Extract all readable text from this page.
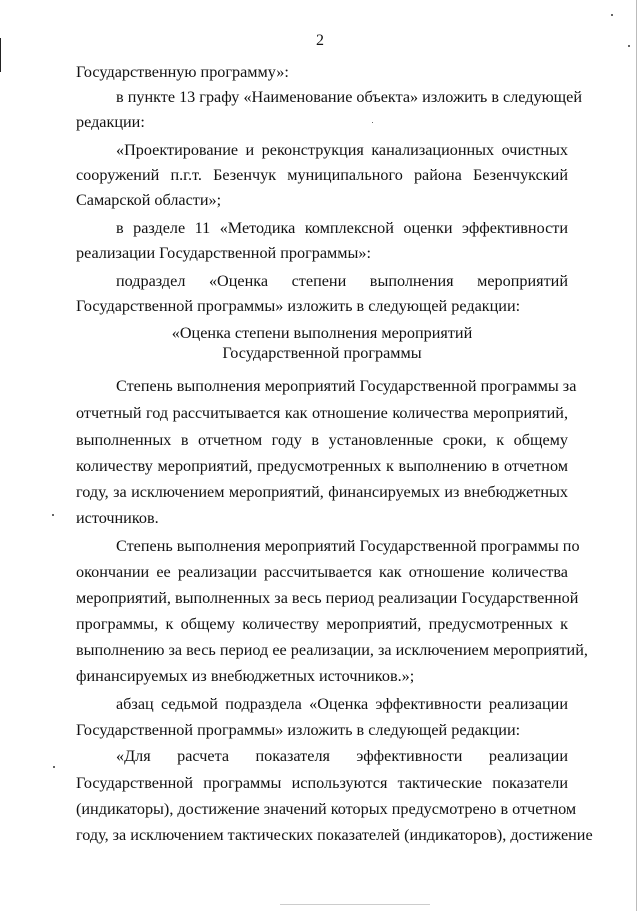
2
Государственную программу»:
в пункте 13 графу «Наименование объекта» изложить в следующей
редакции:
«Проектирование и реконструкция канализационных очистных
сооружений п.г.т. Безенчук муниципального района Безенчукский
Самарской области»;
в разделе 11 «Методика комплексной оценки эффективности
реализации Государственной программы»:
подраздел «Оценка степени выполнения мероприятий
Государственной программы» изложить в следующей редакции:
«Оценка степени выполнения мероприятий
Государственной программы
Степень выполнения мероприятий Государственной программы за
отчетный год рассчитывается как отношение количества мероприятий,
выполненных в отчетном году в установленные сроки, к общему
количеству мероприятий, предусмотренных к выполнению в отчетном
году, за исключением мероприятий, финансируемых из внебюджетных
источников.
Степень выполнения мероприятий Государственной программы по
окончании ее реализации рассчитывается как отношение количества
мероприятий, выполненных за весь период реализации Государственной
программы, к общему количеству мероприятий, предусмотренных к
выполнению за весь период ее реализации, за исключением мероприятий,
финансируемых из внебюджетных источников.»;
абзац седьмой подраздела «Оценка эффективности реализации
Государственной программы» изложить в следующей редакции:
«Для расчета показателя эффективности реализации
Государственной программы используются тактические показатели
(индикаторы), достижение значений которых предусмотрено в отчетном
году, за исключением тактических показателей (индикаторов), достижение
